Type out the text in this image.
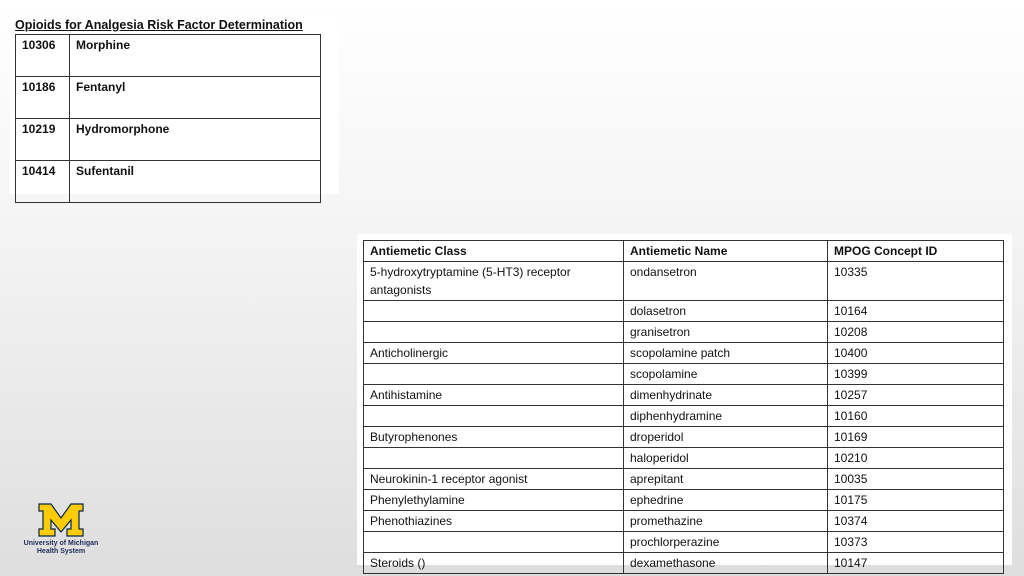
Opioids for Analgesia Risk Factor Determination
10306	Morphine
10186	Fentanyl
10219	Hydromorphone
10414	Sufentanil
Antiemetic Class	Antiemetic Name	MPOG Concept ID
5-hydroxytryptamine (5-HT3) receptor antagonists	ondansetron	10335
	dolasetron	10164
	granisetron	10208
Anticholinergic	scopolamine patch	10400
	scopolamine	10399
Antihistamine	dimenhydrinate	10257
	diphenhydramine	10160
Butyrophenones	droperidol	10169
	haloperidol	10210
Neurokinin-1 receptor agonist	aprepitant	10035
Phenylethylamine	ephedrine	10175
Phenothiazines	promethazine	10374
	prochlorperazine	10373
Steroids ()	dexamethasone	10147
University of Michigan
Health System
